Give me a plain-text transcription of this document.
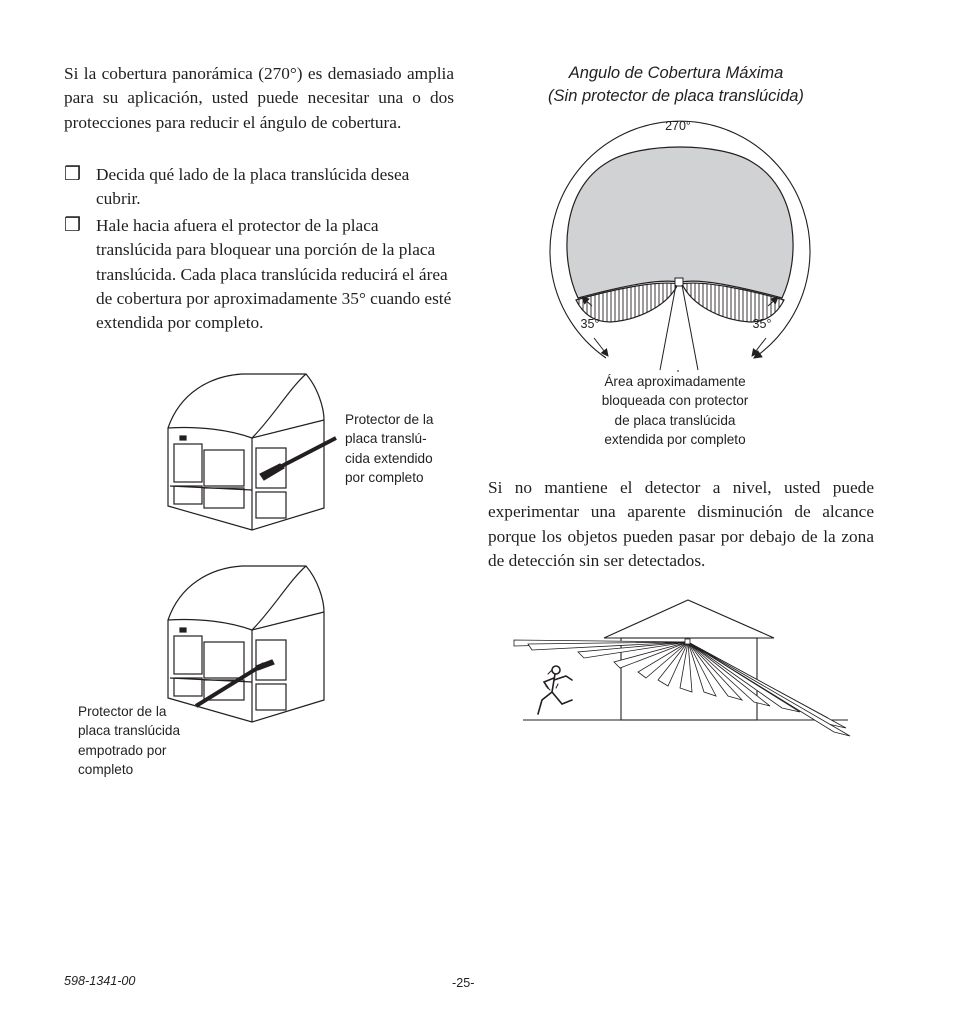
Si la cobertura panorámica (270°) es demasiado amplia para su aplicación, usted puede necesitar una o dos protecciones para reducir el ángulo de cobertura.
❒ Decida qué lado de la placa translúcida desea cubrir.
❒ Hale hacia afuera el protector de la placa translúcida para bloquear una porción de la placa translúcida. Cada placa translúcida reducirá el área de cobertura por aproximadamente 35° cuando esté extendida por completo.
Angulo de Cobertura Máxima
(Sin protector de placa translúcida)
270°
35°	35°
Área aproximadamente
bloqueada con protector
de placa translúcida
extendida por completo
Protector de la
placa translú-
cida extendido
por completo
Protector de la
placa translúcida
empotrado por
completo
Si no mantiene el detector a nivel, usted puede experimentar una aparente disminución de alcance porque los objetos pueden pasar por debajo de la zona de detección sin ser detectados.
598-1341-00	-25-
